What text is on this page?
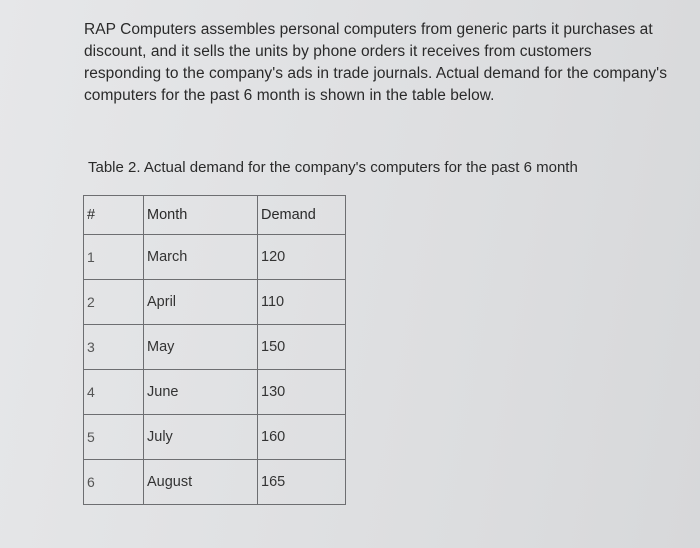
RAP Computers assembles personal computers from generic parts it purchases at
discount, and it sells the units by phone orders it receives from customers
responding to the company's ads in trade journals. Actual demand for the company's
computers for the past 6 month is shown in the table below.

Table 2. Actual demand for the company's computers for the past 6 month

#	Month	Demand
1	March	120
2	April	110
3	May	150
4	June	130
5	July	160
6	August	165
